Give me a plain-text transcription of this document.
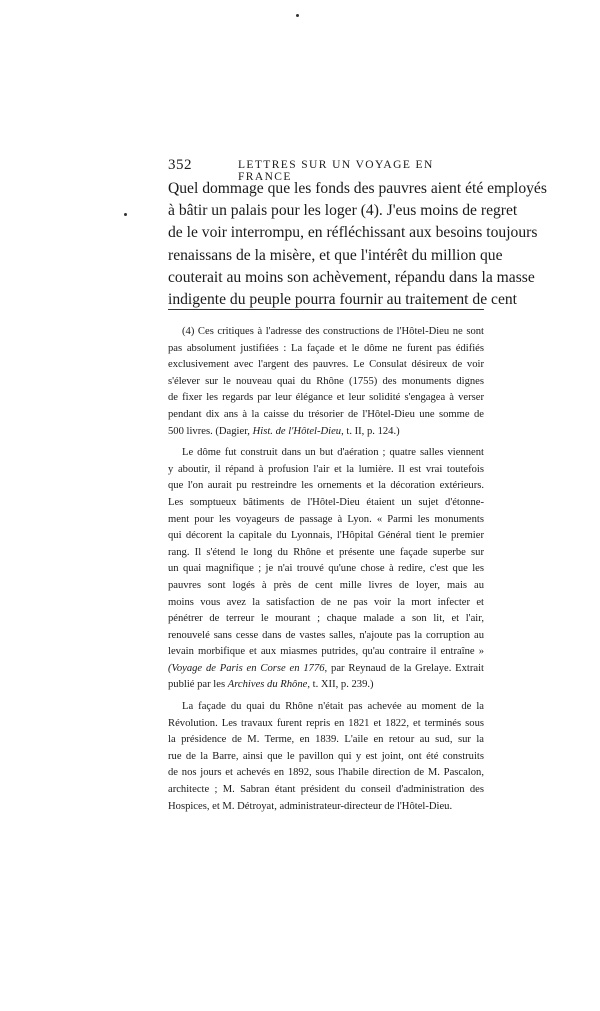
352	LETTRES SUR UN VOYAGE EN FRANCE
Quel dommage que les fonds des pauvres aient été employés
à bâtir un palais pour les loger (4). J'eus moins de regret
de le voir interrompu, en réfléchissant aux besoins toujours
renaissans de la misère, et que l'intérêt du million que
couterait au moins son achèvement, répandu dans la masse
indigente du peuple pourra fournir au traitement de cent
(4) Ces critiques à l'adresse des constructions de l'Hôtel-Dieu ne sont
pas absolument justifiées : La façade et le dôme ne furent pas édifiés
exclusivement avec l'argent des pauvres. Le Consulat désireux de voir
s'élever sur le nouveau quai du Rhône (1755) des monuments dignes
de fixer les regards par leur élégance et leur solidité s'engagea à verser
pendant dix ans à la caisse du trésorier de l'Hôtel-Dieu une somme de
500 livres. (Dagier, Hist. de l'Hôtel-Dieu, t. II, p. 124.)
Le dôme fut construit dans un but d'aération ; quatre salles viennent
y aboutir, il répand à profusion l'air et la lumière. Il est vrai toutefois
que l'on aurait pu restreindre les ornements et la décoration extérieurs.
Les somptueux bâtiments de l'Hôtel-Dieu étaient un sujet d'étonne-
ment pour les voyageurs de passage à Lyon. « Parmi les monuments
qui décorent la capitale du Lyonnais, l'Hôpital Général tient le premier
rang. Il s'étend le long du Rhône et présente une façade superbe sur
un quai magnifique ; je n'ai trouvé qu'une chose à redire, c'est que les
pauvres sont logés à près de cent mille livres de loyer, mais au
moins vous avez la satisfaction de ne pas voir la mort infecter et
pénétrer de terreur le mourant ; chaque malade a son lit, et l'air,
renouvelé sans cesse dans de vastes salles, n'ajoute pas la corruption au
levain morbifique et aux miasmes putrides, qu'au contraire il entraîne »
(Voyage de Paris en Corse en 1776, par Reynaud de la Grelaye. Extrait
publié par les Archives du Rhône, t. XII, p. 239.)
La façade du quai du Rhône n'était pas achevée au moment de la
Révolution. Les travaux furent repris en 1821 et 1822, et terminés sous
la présidence de M. Terme, en 1839. L'aile en retour au sud, sur la
rue de la Barre, ainsi que le pavillon qui y est joint, ont été construits
de nos jours et achevés en 1892, sous l'habile direction de M. Pascalon,
architecte ; M. Sabran étant président du conseil d'administration des
Hospices, et M. Détroyat, administrateur-directeur de l'Hôtel-Dieu.
